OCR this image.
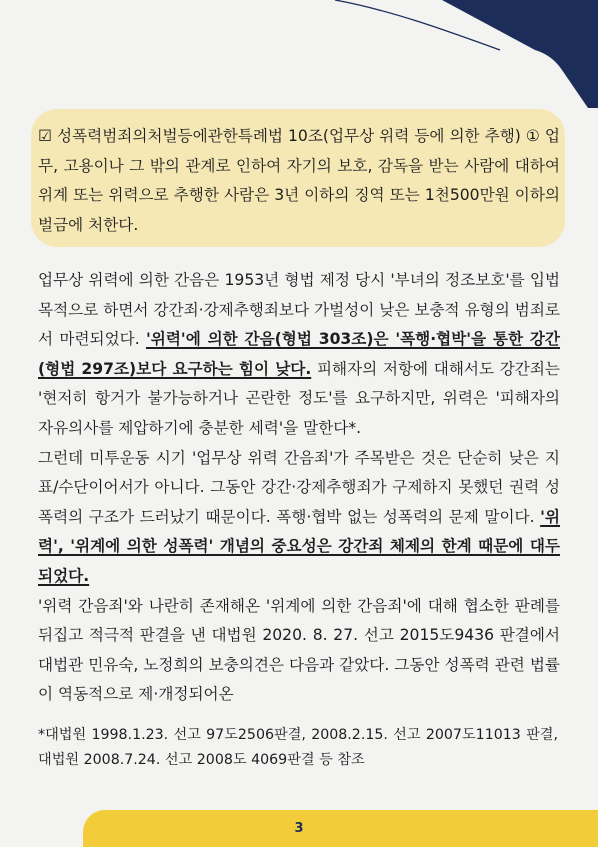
☑ 성폭력범죄의처벌등에관한특례법 10조(업무상 위력 등에 의한 추행) ① 업무, 고용이나 그 밖의 관계로 인하여 자기의 보호, 감독을 받는 사람에 대하여 위계 또는 위력으로 추행한 사람은 3년 이하의 징역 또는 1천500만원 이하의 벌금에 처한다.

업무상 위력에 의한 간음은 1953년 형법 제정 당시 '부녀의 정조보호'를 입법목적으로 하면서 강간죄·강제추행죄보다 가벌성이 낮은 보충적 유형의 범죄로서 마련되었다. '위력'에 의한 간음(형법 303조)은 '폭행·협박'을 통한 강간(형법 297조)보다 요구하는 힘이 낮다. 피해자의 저항에 대해서도 강간죄는 '현저히 항거가 불가능하거나 곤란한 정도'를 요구하지만, 위력은 '피해자의 자유의사를 제압하기에 충분한 세력'을 말한다*.

그런데 미투운동 시기 '업무상 위력 간음죄'가 주목받은 것은 단순히 낮은 지표/수단이어서가 아니다. 그동안 강간·강제추행죄가 구제하지 못했던 권력 성폭력의 구조가 드러났기 때문이다. 폭행·협박 없는 성폭력의 문제 말이다. '위력', '위계에 의한 성폭력' 개념의 중요성은 강간죄 체제의 한계 때문에 대두되었다.

'위력 간음죄'와 나란히 존재해온 '위계에 의한 간음죄'에 대해 협소한 판례를 뒤집고 적극적 판결을 낸 대법원 2020. 8. 27. 선고 2015도9436 판결에서 대법관 민유숙, 노정희의 보충의견은 다음과 같았다. 그동안 성폭력 관련 법률이 역동적으로 제·개정되어온

*대법원 1998.1.23. 선고 97도2506판결, 2008.2.15. 선고 2007도11013 판결, 대법원 2008.7.24. 선고 2008도 4069판결 등 참조

3
